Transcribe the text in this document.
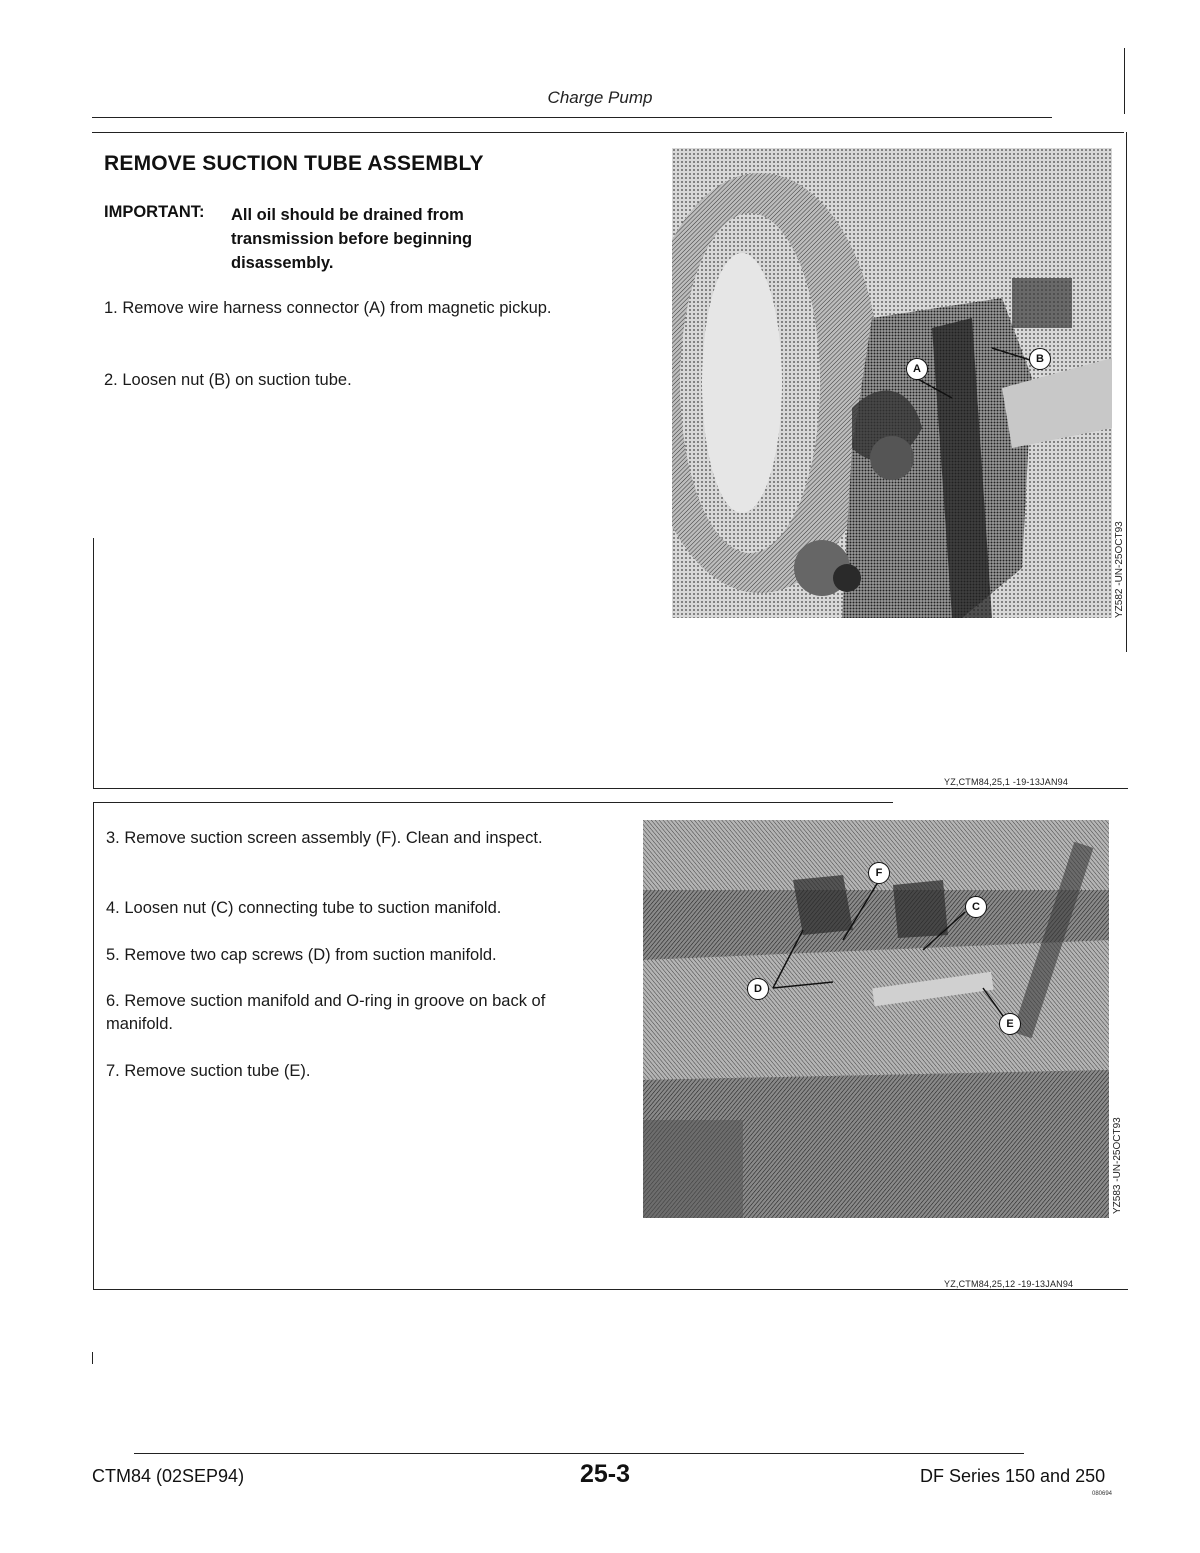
Charge Pump
REMOVE SUCTION TUBE ASSEMBLY
IMPORTANT: All oil should be drained from transmission before beginning disassembly.
1. Remove wire harness connector (A) from magnetic pickup.
2. Loosen nut (B) on suction tube.
A
B
YZ582 -UN-25OCT93
YZ,CTM84,25,1 -19-13JAN94
3. Remove suction screen assembly (F). Clean and inspect.
4. Loosen nut (C) connecting tube to suction manifold.
5. Remove two cap screws (D) from suction manifold.
6. Remove suction manifold and O-ring in groove on back of manifold.
7. Remove suction tube (E).
F
C
D
E
YZ583 -UN-25OCT93
YZ,CTM84,25,12 -19-13JAN94
CTM84 (02SEP94)	25-3	DF Series 150 and 250
080694
